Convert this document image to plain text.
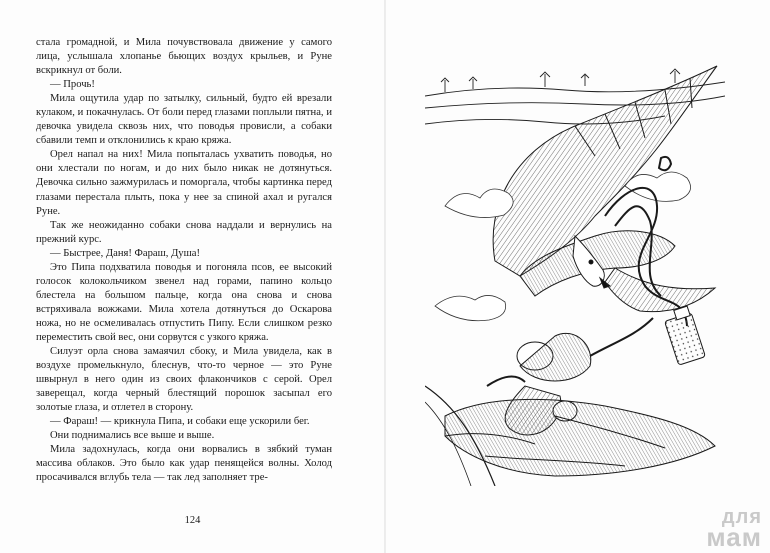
стала громадной, и Мила почувствовала движение у самого лица, услышала хлопанье бьющих воздух крыльев, и Руне вскрикнул от боли.

— Прочь!

Мила ощутила удар по затылку, сильный, будто ей врезали кулаком, и покачнулась. От боли перед глазами поплыли пятна, и девочка увидела сквозь них, что поводья провисли, а собаки сбавили темп и отклонились к краю кряжа.

Орел напал на них! Мила попыталась ухватить поводья, но они хлестали по ногам, и до них было никак не дотянуться. Девочка сильно зажмурилась и поморгала, чтобы картинка перед глазами перестала плыть, пока у нее за спиной ахал и ругался Руне.

Так же неожиданно собаки снова наддали и вернулись на прежний курс.

— Быстрее, Даня! Фараш, Душа!

Это Пипа подхватила поводья и погоняла псов, ее высокий голосок колокольчиком звенел над горами, папино кольцо блестела на большом пальце, когда она снова и снова встряхивала вожжами. Мила хотела дотянуться до Оскарова ножа, но не осмеливалась отпустить Пипу. Если слишком резко переместить свой вес, они сорвутся с узкого кряжа.

Силуэт орла снова замаячил сбоку, и Мила увидела, как в воздухе промелькнуло, блеснув, что-то черное — это Руне швырнул в него один из своих флакончиков с серой. Орел заверещал, когда черный блестящий порошок засыпал его золотые глаза, и отлетел в сторону.

— Фараш! — крикнула Пипа, и собаки еще ускорили бег.

Они поднимались все выше и выше.

Мила задохнулась, когда они ворвались в зябкий туман массива облаков. Это было как удар пенящейся волны. Холод просачивался вглубь тела — так лед заполняет тре-

124	для
мам
